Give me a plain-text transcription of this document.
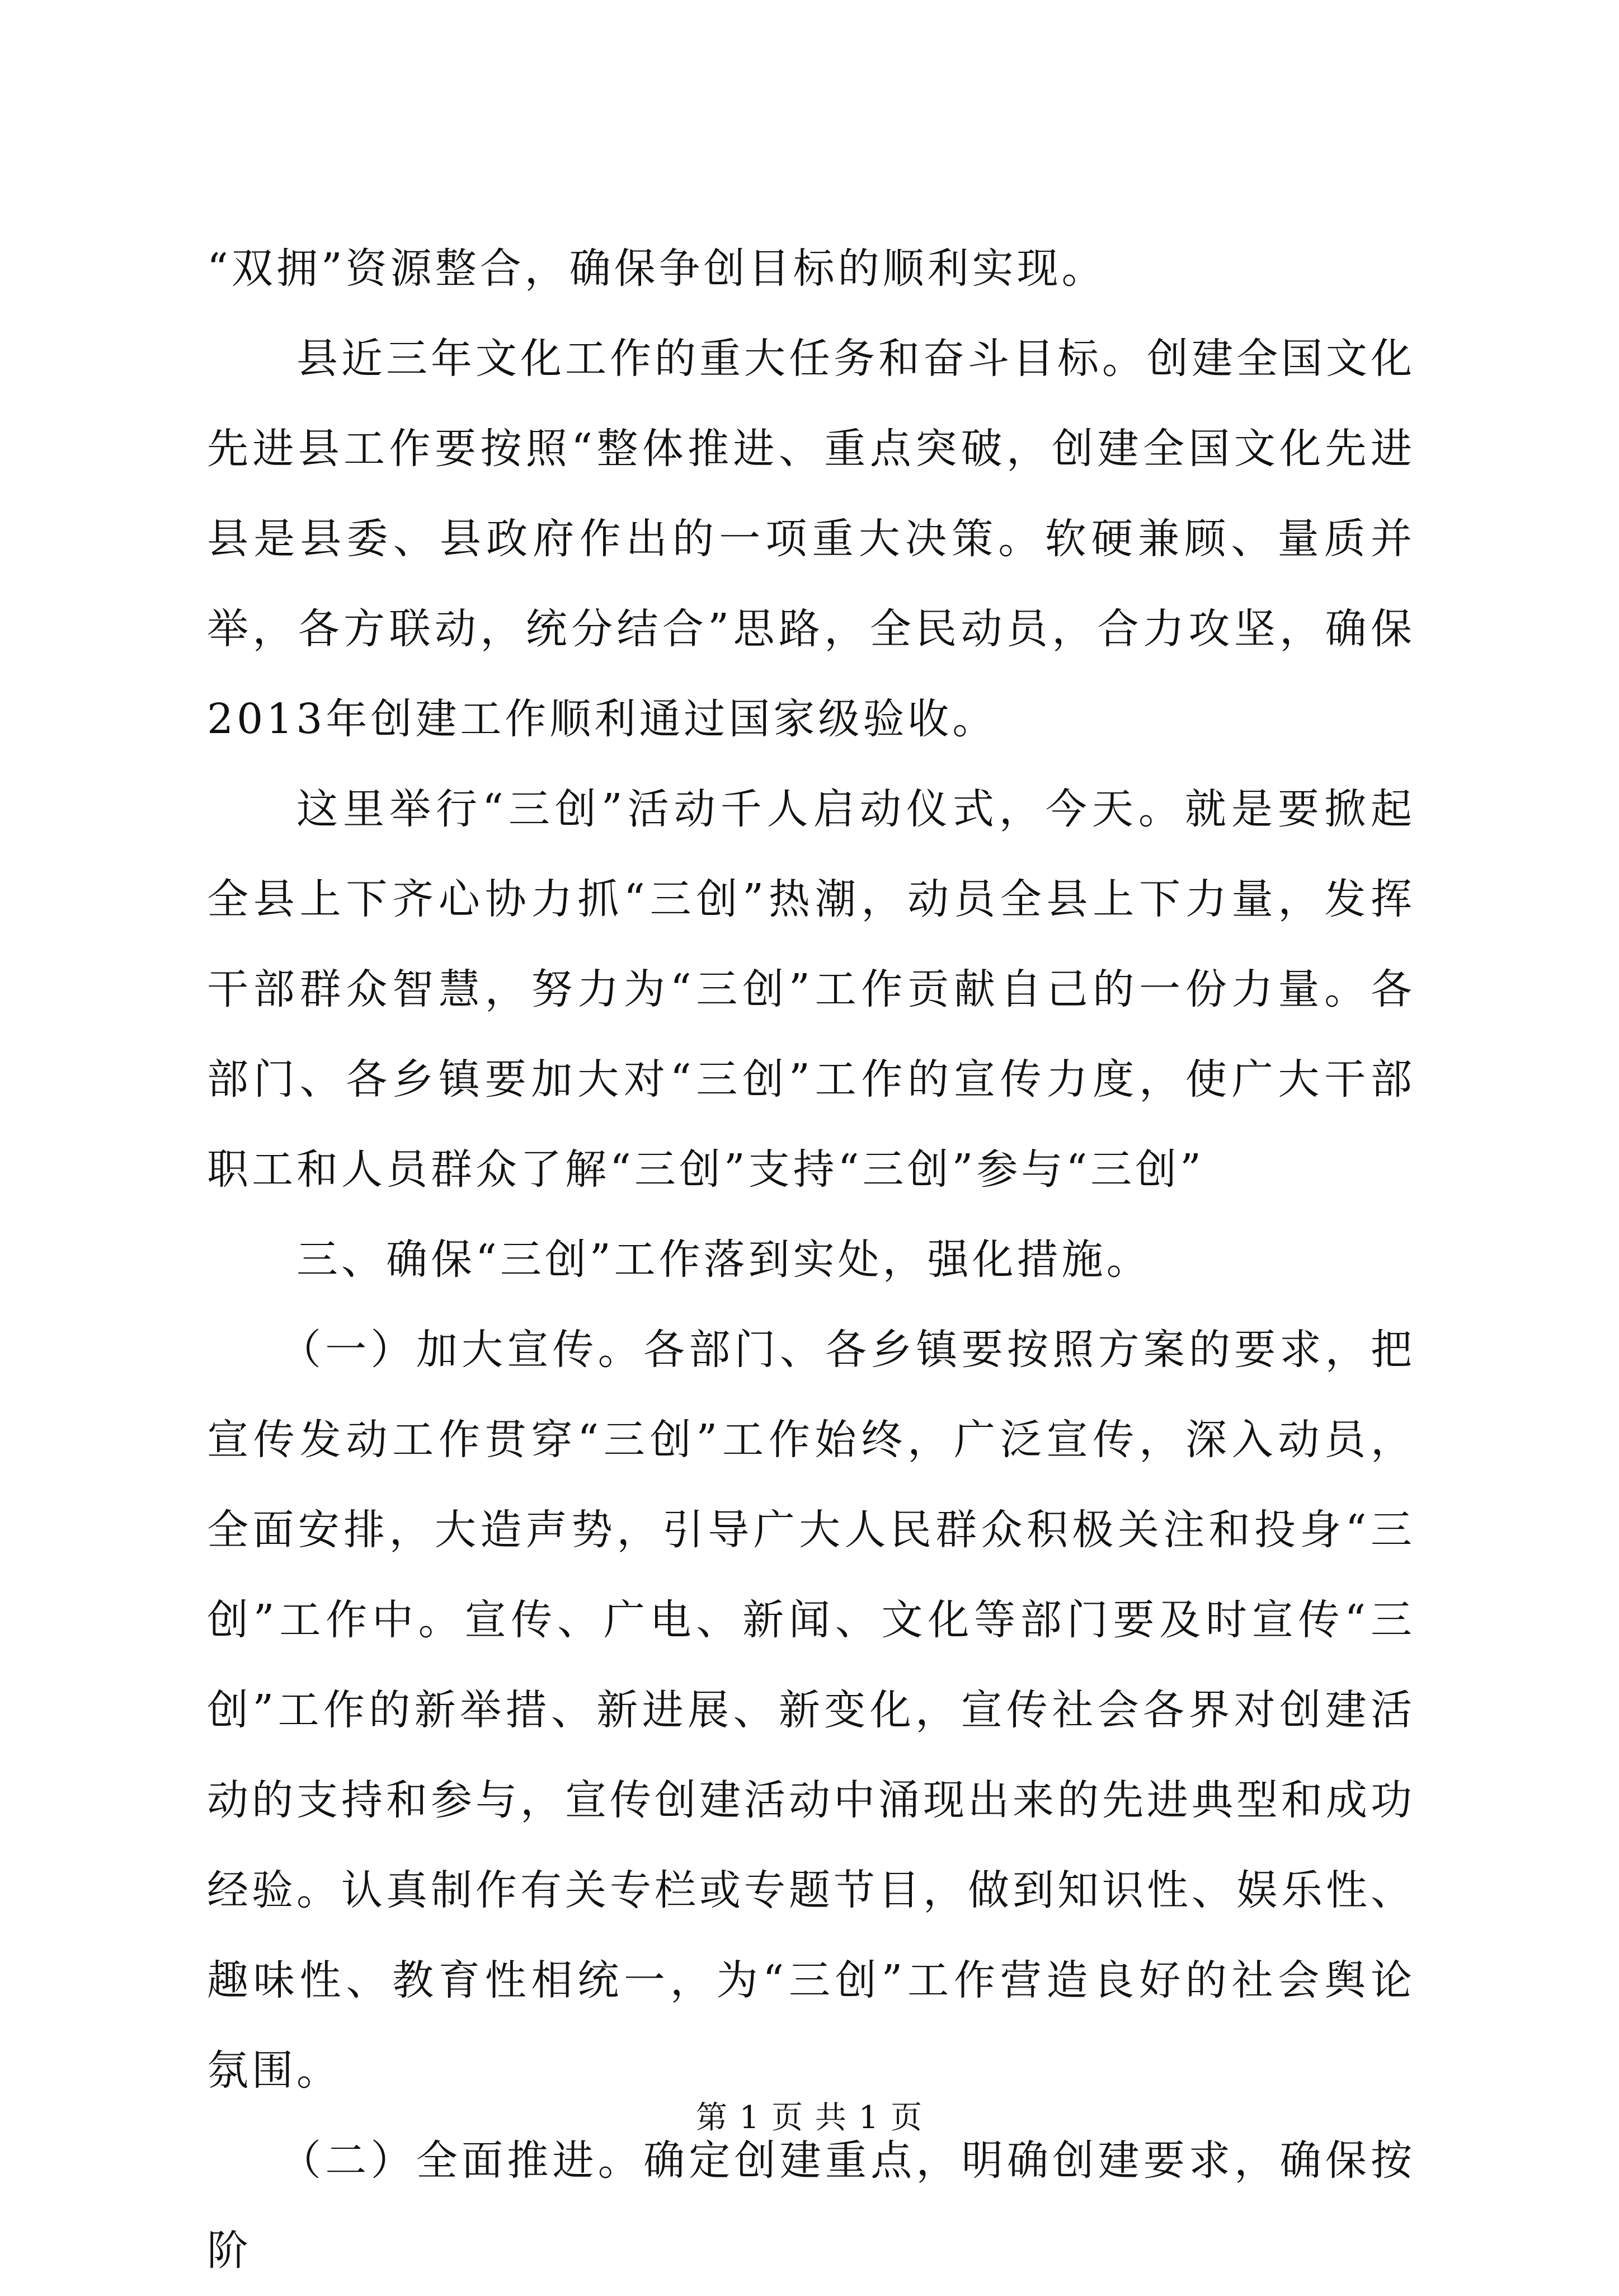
“双拥”资源整合，确保争创目标的顺利实现。

县近三年文化工作的重大任务和奋斗目标。创建全国文化先进县工作要按照“整体推进、重点突破，创建全国文化先进县是县委、县政府作出的一项重大决策。软硬兼顾、量质并举，各方联动，统分结合”思路，全民动员，合力攻坚，确保2013年创建工作顺利通过国家级验收。

这里举行“三创”活动千人启动仪式，今天。就是要掀起全县上下齐心协力抓“三创”热潮，动员全县上下力量，发挥干部群众智慧，努力为“三创”工作贡献自己的一份力量。各部门、各乡镇要加大对“三创”工作的宣传力度，使广大干部职工和人员群众了解“三创”支持“三创”参与“三创”

三、确保“三创”工作落到实处，强化措施。

（一）加大宣传。各部门、各乡镇要按照方案的要求，把宣传发动工作贯穿“三创”工作始终，广泛宣传，深入动员，全面安排，大造声势，引导广大人民群众积极关注和投身“三创”工作中。宣传、广电、新闻、文化等部门要及时宣传“三创”工作的新举措、新进展、新变化，宣传社会各界对创建活动的支持和参与，宣传创建活动中涌现出来的先进典型和成功经验。认真制作有关专栏或专题节目，做到知识性、娱乐性、趣味性、教育性相统一，为“三创”工作营造良好的社会舆论氛围。

（二）全面推进。确定创建重点，明确创建要求，确保按阶

第 1 页 共 1 页
